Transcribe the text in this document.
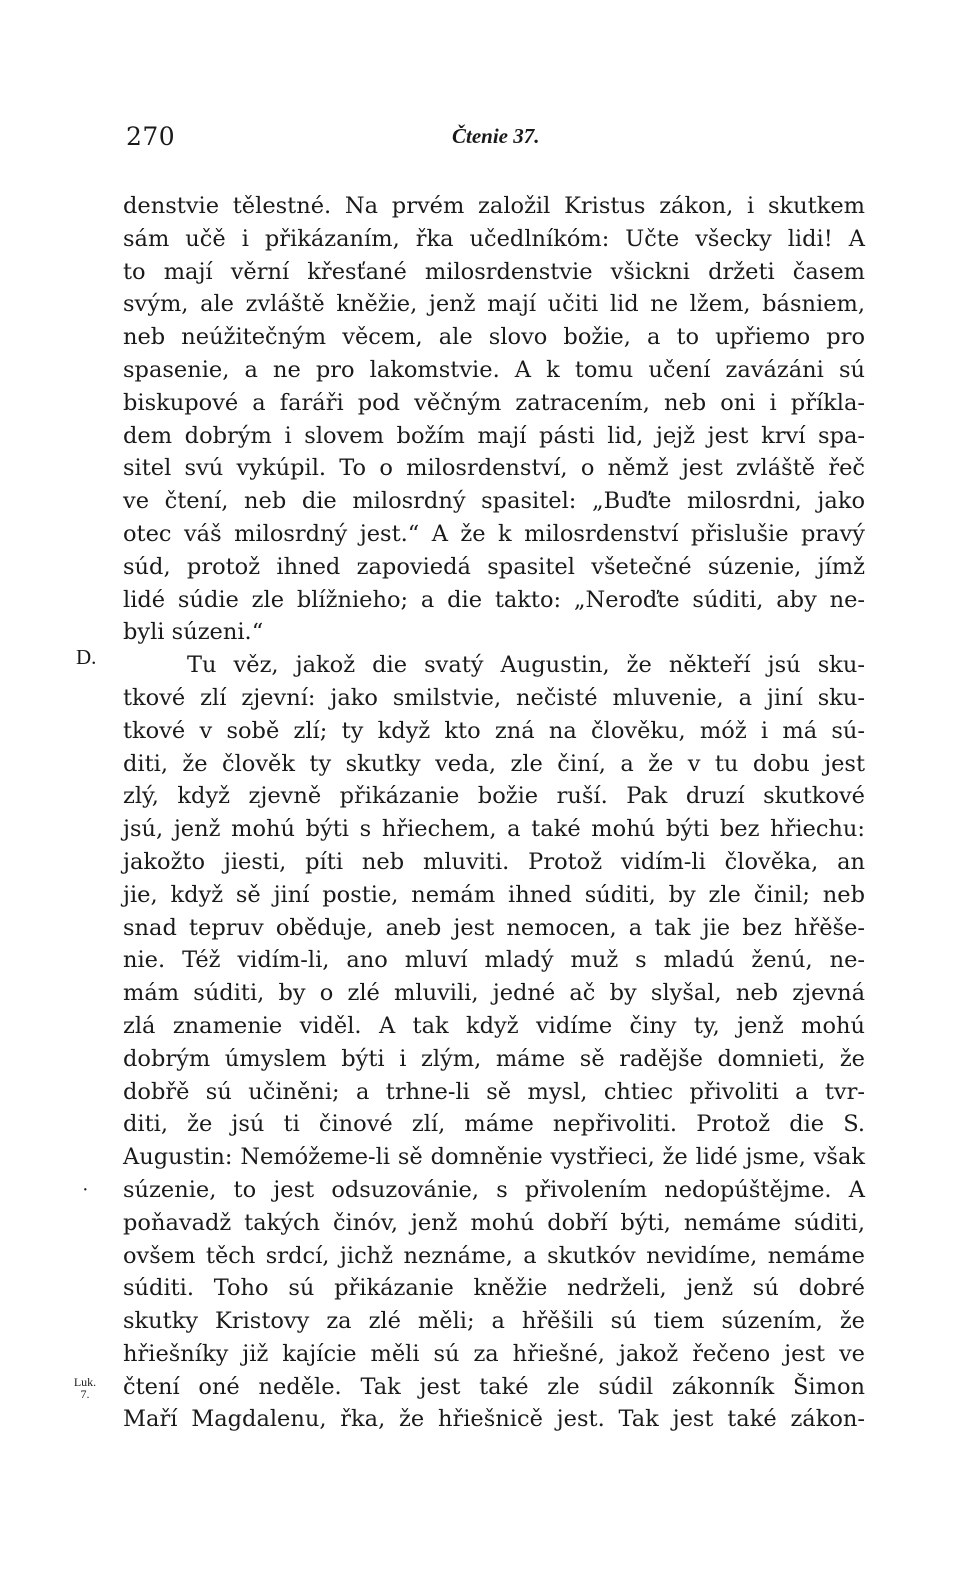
270	Čtenie 37.
D.
·
Luk.
7.
denstvie tělestné. Na prvém založil Kristus zákon, i skutkem
sám učě i přikázaním, řka učedlníkóm: Učte všecky lidi! A
to mají věrní křesťané milosrdenstvie všickni držeti časem
svým, ale zvláště kněžie, jenž mají učiti lid ne lžem, básniem,
neb neúžitečným věcem, ale slovo božie, a to upřiemo pro
spasenie, a ne pro lakomstvie. A k tomu učení zavázáni sú
biskupové a faráři pod věčným zatracením, neb oni i příkla-
dem dobrým i slovem božím mají pásti lid, jejž jest krví spa-
sitel svú vykúpil. To o milosrdenství, o němž jest zvláště řeč
ve čtení, neb die milosrdný spasitel: „Buďte milosrdni, jako
otec váš milosrdný jest.“ A že k milosrdenství přislušie pravý
súd, protož ihned zapoviedá spasitel všetečné súzenie, jímž
lidé súdie zle blížnieho; a die takto: „Neroďte súditi, aby ne-
byli súzeni.“
Tu věz, jakož die svatý Augustin, že někteří jsú sku-
tkové zlí zjevní: jako smilstvie, nečisté mluvenie, a jiní sku-
tkové v sobě zlí; ty když kto zná na člověku, móž i má sú-
diti, že člověk ty skutky veda, zle činí, a že v tu dobu jest
zlý, když zjevně přikázanie božie ruší. Pak druzí skutkové
jsú, jenž mohú býti s hřiechem, a také mohú býti bez hřiechu:
jakožto jiesti, píti neb mluviti. Protož vidím-li člověka, an
jie, když sě jiní postie, nemám ihned súditi, by zle činil; neb
snad tepruv oběduje, aneb jest nemocen, a tak jie bez hřěše-
nie. Též vidím-li, ano mluví mladý muž s mladú ženú, ne-
mám súditi, by o zlé mluvili, jedné ač by slyšal, neb zjevná
zlá znamenie viděl. A tak když vidíme činy ty, jenž mohú
dobrým úmyslem býti i zlým, máme sě radějše domnieti, že
dobřě sú učiněni; a trhne-li sě mysl, chtiec přivoliti a tvr-
diti, že jsú ti činové zlí, máme nepřivoliti. Protož die S.
Augustin: Nemóžeme-li sě domněnie vystřieci, že lidé jsme, však
súzenie, to jest odsuzovánie, s přivolením nedopúštějme. A
poňavadž takých činóv, jenž mohú dobří býti, nemáme súditi,
ovšem těch srdcí, jichž neznáme, a skutkóv nevidíme, nemáme
súditi. Toho sú přikázanie kněžie nedrželi, jenž sú dobré
skutky Kristovy za zlé měli; a hřěšili sú tiem súzením, že
hřiešníky již kajície měli sú za hřiešné, jakož řečeno jest ve
čtení oné neděle. Tak jest také zle súdil zákonník Šimon
Maří Magdalenu, řka, že hřiešnicě jest. Tak jest také zákon-
